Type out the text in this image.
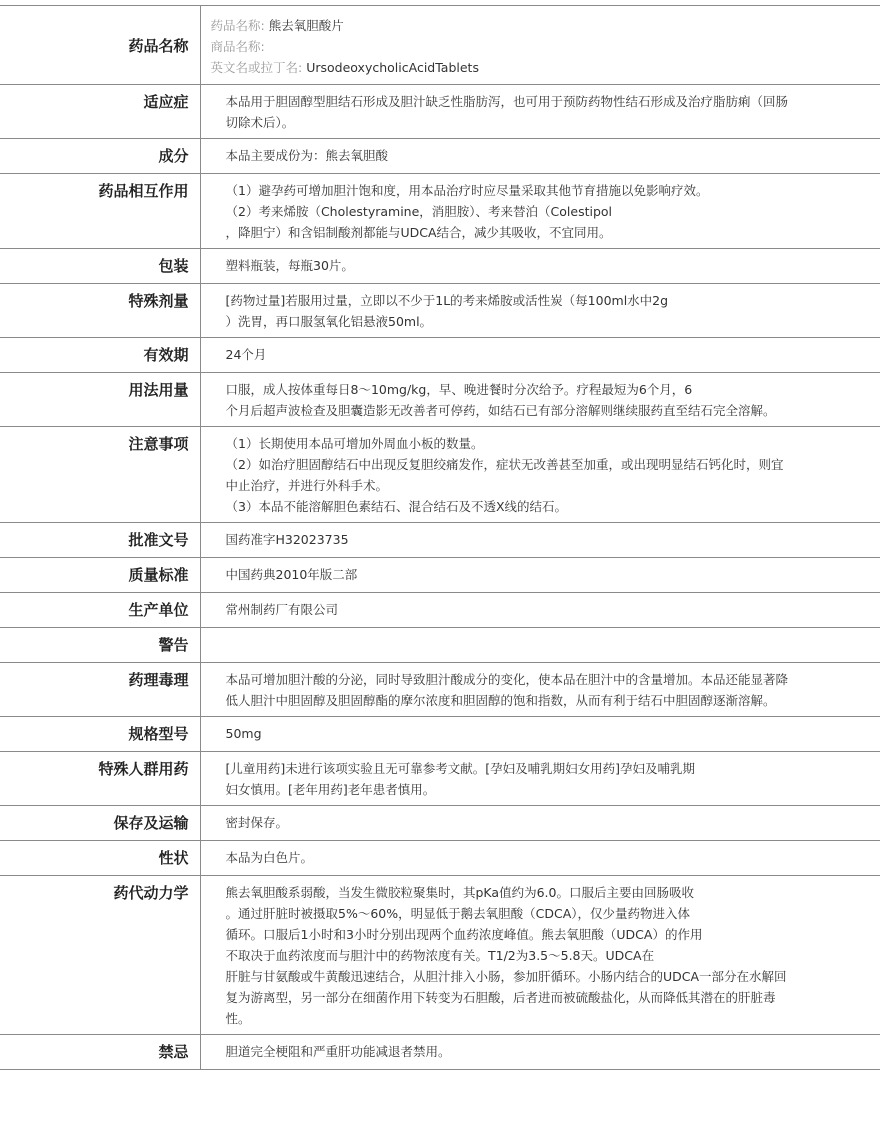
药品名称	药品名称: 熊去氧胆酸片
商品名称:
英文名或拉丁名: UrsodeoxycholicAcidTablets

适应症	本品用于胆固醇型胆结石形成及胆汁缺乏性脂肪泻，也可用于预防药物性结石形成及治疗脂肪痢（回肠切除术后）。

成分	本品主要成份为：熊去氧胆酸

药品相互作用	（1）避孕药可增加胆汁饱和度，用本品治疗时应尽量采取其他节育措施以免影响疗效。
（2）考来烯胺（Cholestyramine，消胆胺）、考来替泊（Colestipol
，降胆宁）和含铝制酸剂都能与UDCA结合，减少其吸收，不宜同用。

包装	塑料瓶装，每瓶30片。

特殊剂量	[药物过量]若服用过量，立即以不少于1L的考来烯胺或活性炭（每100ml水中2g
）洗胃，再口服氢氧化铝悬液50ml。

有效期	24个月

用法用量	口服，成人按体重每日8～10mg/kg，早、晚进餐时分次给予。疗程最短为6个月，6
个月后超声波检查及胆囊造影无改善者可停药，如结石已有部分溶解则继续服药直至结石完全溶解。

注意事项	（1）长期使用本品可增加外周血小板的数量。
（2）如治疗胆固醇结石中出现反复胆绞痛发作，症状无改善甚至加重，或出现明显结石钙化时，则宜中止治疗，并进行外科手术。
（3）本品不能溶解胆色素结石、混合结石及不透X线的结石。

批准文号	国药准字H32023735

质量标准	中国药典2010年版二部

生产单位	常州制药厂有限公司

警告	

药理毒理	本品可增加胆汁酸的分泌，同时导致胆汁酸成分的变化，使本品在胆汁中的含量增加。本品还能显著降低人胆汁中胆固醇及胆固醇酯的摩尔浓度和胆固醇的饱和指数，从而有利于结石中胆固醇逐渐溶解。

规格型号	50mg

特殊人群用药	[儿童用药]未进行该项实验且无可靠参考文献。[孕妇及哺乳期妇女用药]孕妇及哺乳期
妇女慎用。[老年用药]老年患者慎用。

保存及运输	密封保存。

性状	本品为白色片。

药代动力学	熊去氧胆酸系弱酸，当发生微胶粒聚集时，其pKa值约为6.0。口服后主要由回肠吸收
。通过肝脏时被摄取5%～60%，明显低于鹅去氧胆酸（CDCA），仅少量药物进入体
循环。口服后1小时和3小时分别出现两个血药浓度峰值。熊去氧胆酸（UDCA）的作用
不取决于血药浓度而与胆汁中的药物浓度有关。T1/2为3.5～5.8天。UDCA在
肝脏与甘氨酸或牛黄酸迅速结合，从胆汁排入小肠，参加肝循环。小肠内结合的UDCA一部分在水解回复为游离型，另一部分在细菌作用下转变为石胆酸，后者进而被硫酸盐化，从而降低其潜在的肝脏毒性。

禁忌	胆道完全梗阻和严重肝功能减退者禁用。
